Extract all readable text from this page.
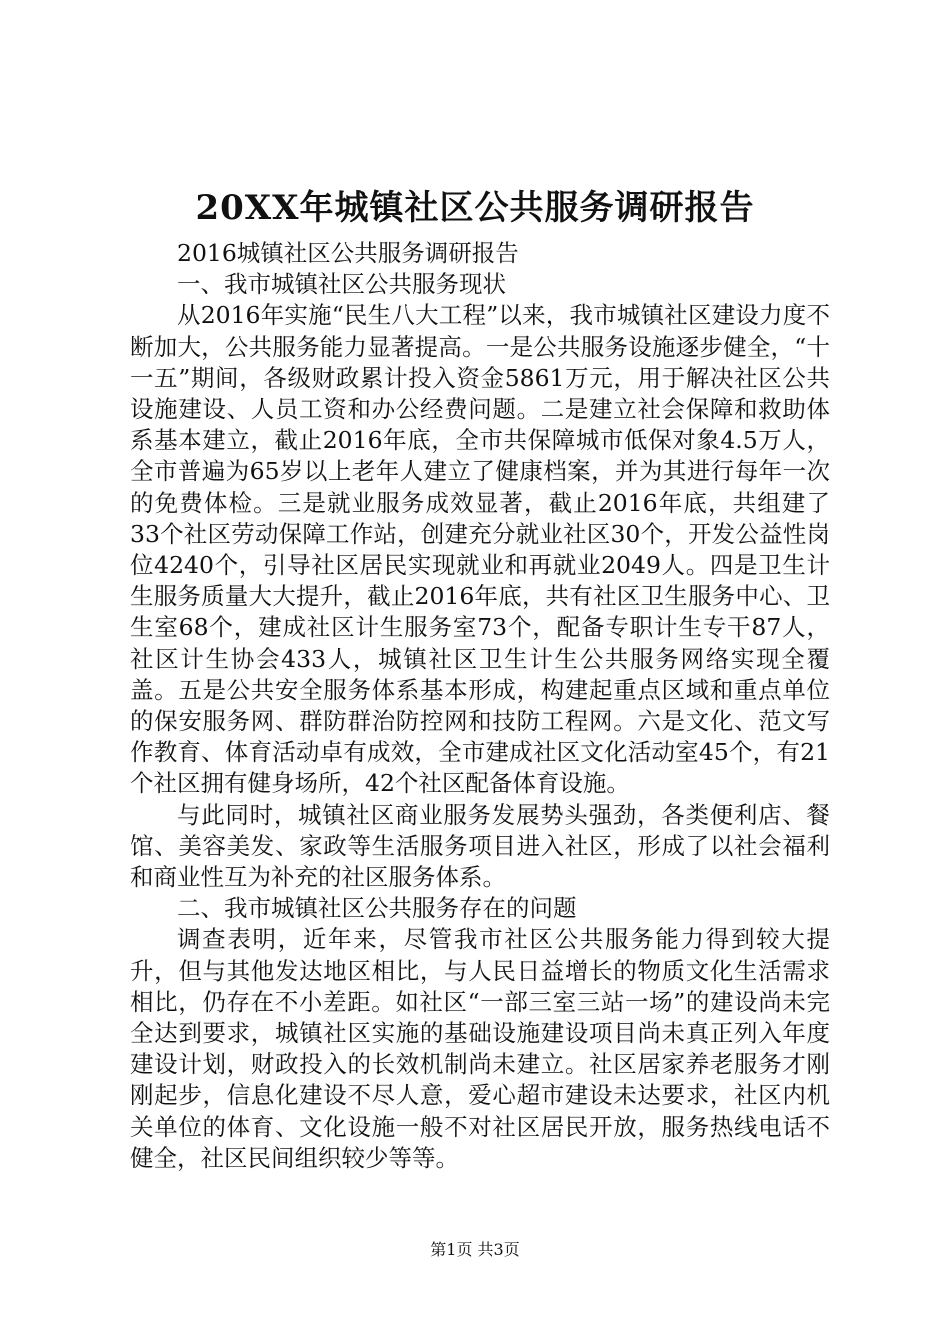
20XX年城镇社区公共服务调研报告

2016城镇社区公共服务调研报告

一、我市城镇社区公共服务现状

从2016年实施“民生八大工程”以来，我市城镇社区建设力度不断加大，公共服务能力显著提高。一是公共服务设施逐步健全，“十一五”期间，各级财政累计投入资金5861万元，用于解决社区公共设施建设、人员工资和办公经费问题。二是建立社会保障和救助体系基本建立，截止2016年底，全市共保障城市低保对象4.5万人，全市普遍为65岁以上老年人建立了健康档案，并为其进行每年一次的免费体检。三是就业服务成效显著，截止2016年底，共组建了33个社区劳动保障工作站，创建充分就业社区30个，开发公益性岗位4240个，引导社区居民实现就业和再就业2049人。四是卫生计生服务质量大大提升，截止2016年底，共有社区卫生服务中心、卫生室68个，建成社区计生服务室73个，配备专职计生专干87人，社区计生协会433人，城镇社区卫生计生公共服务网络实现全覆盖。五是公共安全服务体系基本形成，构建起重点区域和重点单位的保安服务网、群防群治防控网和技防工程网。六是文化、范文写作教育、体育活动卓有成效，全市建成社区文化活动室45个，有21个社区拥有健身场所，42个社区配备体育设施。

与此同时，城镇社区商业服务发展势头强劲，各类便利店、餐馆、美容美发、家政等生活服务项目进入社区，形成了以社会福利和商业性互为补充的社区服务体系。

二、我市城镇社区公共服务存在的问题

调查表明，近年来，尽管我市社区公共服务能力得到较大提升，但与其他发达地区相比，与人民日益增长的物质文化生活需求相比，仍存在不小差距。如社区“一部三室三站一场”的建设尚未完全达到要求，城镇社区实施的基础设施建设项目尚未真正列入年度建设计划，财政投入的长效机制尚未建立。社区居家养老服务才刚刚起步，信息化建设不尽人意，爱心超市建设未达要求，社区内机关单位的体育、文化设施一般不对社区居民开放，服务热线电话不健全，社区民间组织较少等等。

第1页 共3页
